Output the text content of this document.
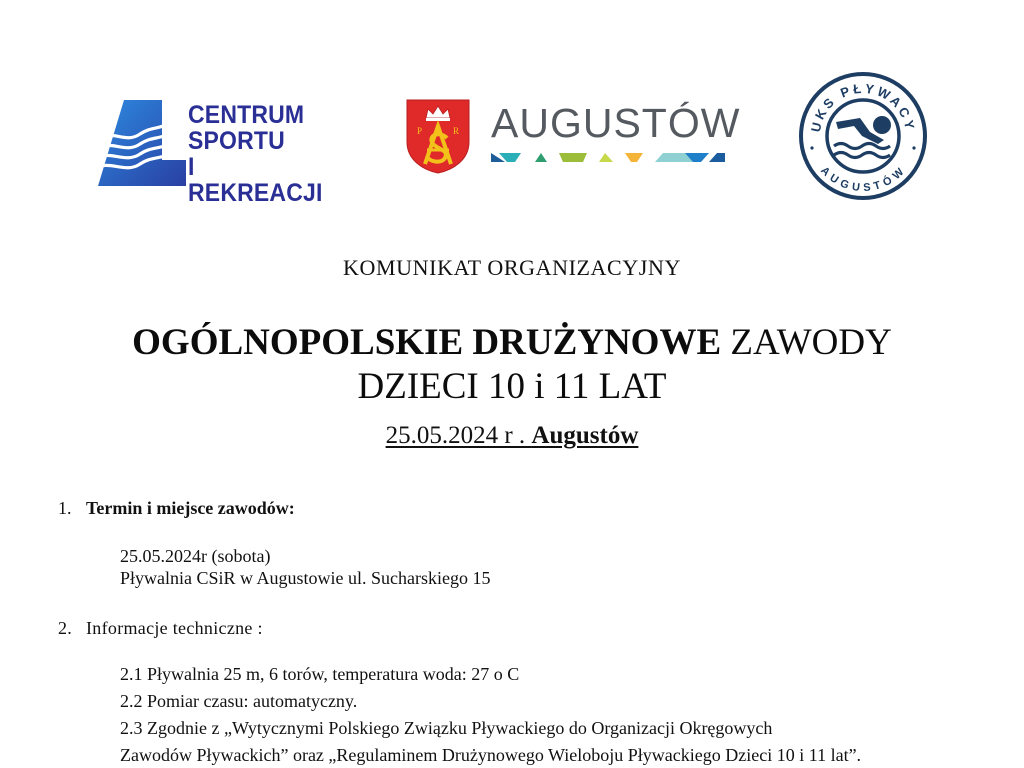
CENTRUM
SPORTU
I REKREACJI
P	R AUGUSTÓW	UKS PŁYWACY
AUGUSTÓW
KOMUNIKAT ORGANIZACYJNY
OGÓLNOPOLSKIE DRUŻYNOWE ZAWODY
DZIECI 10 i 11 LAT
25.05.2024 r . Augustów
1. Termin i miejsce zawodów:
25.05.2024r (sobota)
Pływalnia CSiR w Augustowie ul. Sucharskiego 15
2. Informacje techniczne :
2.1 Pływalnia 25 m, 6 torów, temperatura woda: 27 o C
2.2 Pomiar czasu: automatyczny.
2.3 Zgodnie z „Wytycznymi Polskiego Związku Pływackiego do Organizacji Okręgowych
Zawodów Pływackich” oraz „Regulaminem Drużynowego Wieloboju Pływackiego Dzieci 10 i 11 lat”.
